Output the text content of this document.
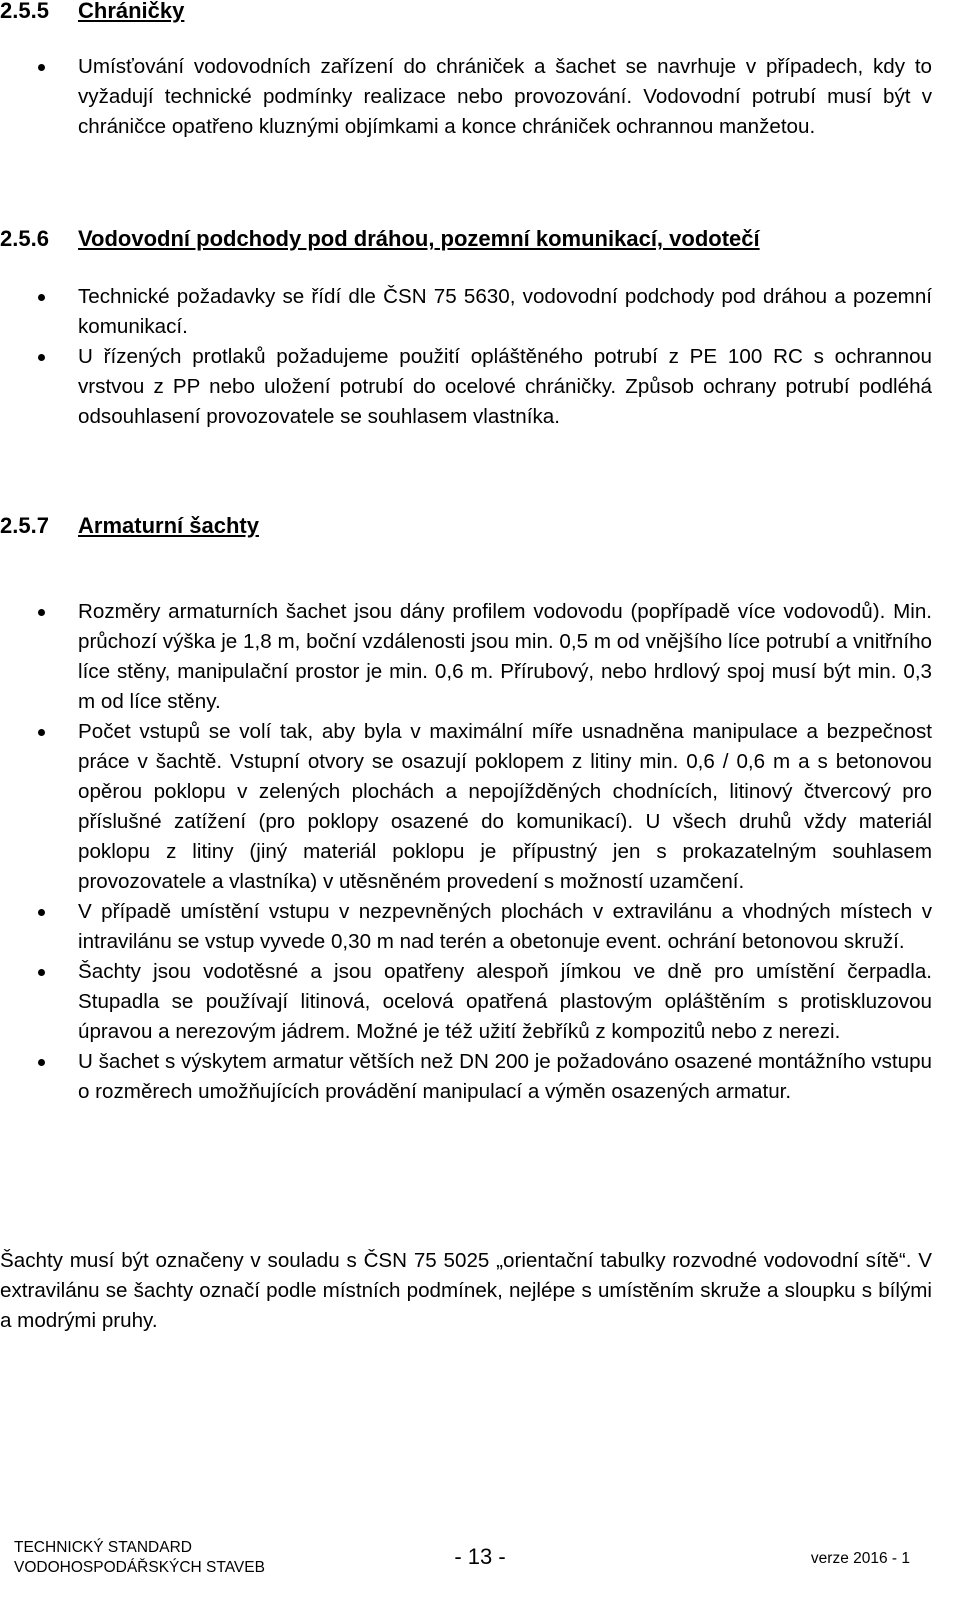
2.5.5 Chráničky

Umísťování vodovodních zařízení do chrániček a šachet se navrhuje v případech, kdy to vyžadují technické podmínky realizace nebo provozování. Vodovodní potrubí musí být v chráničce opatřeno kluznými objímkami a konce chrániček ochrannou manžetou.

2.5.6 Vodovodní podchody pod dráhou, pozemní komunikací, vodotečí

Technické požadavky se řídí dle ČSN 75 5630, vodovodní podchody pod dráhou a pozemní komunikací.

U řízených protlaků požadujeme použití opláštěného potrubí z PE 100 RC s ochrannou vrstvou z PP nebo uložení potrubí do ocelové chráničky. Způsob ochrany potrubí podléhá odsouhlasení provozovatele se souhlasem vlastníka.

2.5.7 Armaturní šachty

Rozměry armaturních šachet jsou dány profilem vodovodu (popřípadě více vodovodů). Min. průchozí výška je 1,8 m, boční vzdálenosti jsou min. 0,5 m od vnějšího líce potrubí a vnitřního líce stěny, manipulační prostor je min. 0,6 m. Přírubový, nebo hrdlový spoj musí být min. 0,3 m od líce stěny.

Počet vstupů se volí tak, aby byla v maximální míře usnadněna manipulace a bezpečnost práce v šachtě. Vstupní otvory se osazují poklopem z litiny min. 0,6 / 0,6 m a s betonovou opěrou poklopu v zelených plochách a nepojížděných chodnících, litinový čtvercový pro příslušné zatížení (pro poklopy osazené do komunikací). U všech druhů vždy materiál poklopu z litiny (jiný materiál poklopu je přípustný jen s prokazatelným souhlasem provozovatele a vlastníka) v utěsněném provedení s možností uzamčení.

V případě umístění vstupu v nezpevněných plochách v extravilánu a vhodných místech v intravilánu se vstup vyvede 0,30 m nad terén a obetonuje event. ochrání betonovou skruží.

Šachty jsou vodotěsné a jsou opatřeny alespoň jímkou ve dně pro umístění čerpadla. Stupadla se používají litinová, ocelová opatřená plastovým opláštěním s protiskluzovou úpravou a nerezovým jádrem. Možné je též užití žebříků z kompozitů nebo z nerezi.

U šachet s výskytem armatur větších než DN 200 je požadováno osazené montážního vstupu o rozměrech umožňujících provádění manipulací a výměn osazených armatur.

Šachty musí být označeny v souladu s ČSN 75 5025 „orientační tabulky rozvodné vodovodní sítě“. V extravilánu se šachty označí podle místních podmínek, nejlépe s umístěním skruže a sloupku s bílými a modrými pruhy.

TECHNICKÝ STANDARD
VODOHOSPODÁŘSKÝCH STAVEB	- 13 -	verze 2016 - 1
